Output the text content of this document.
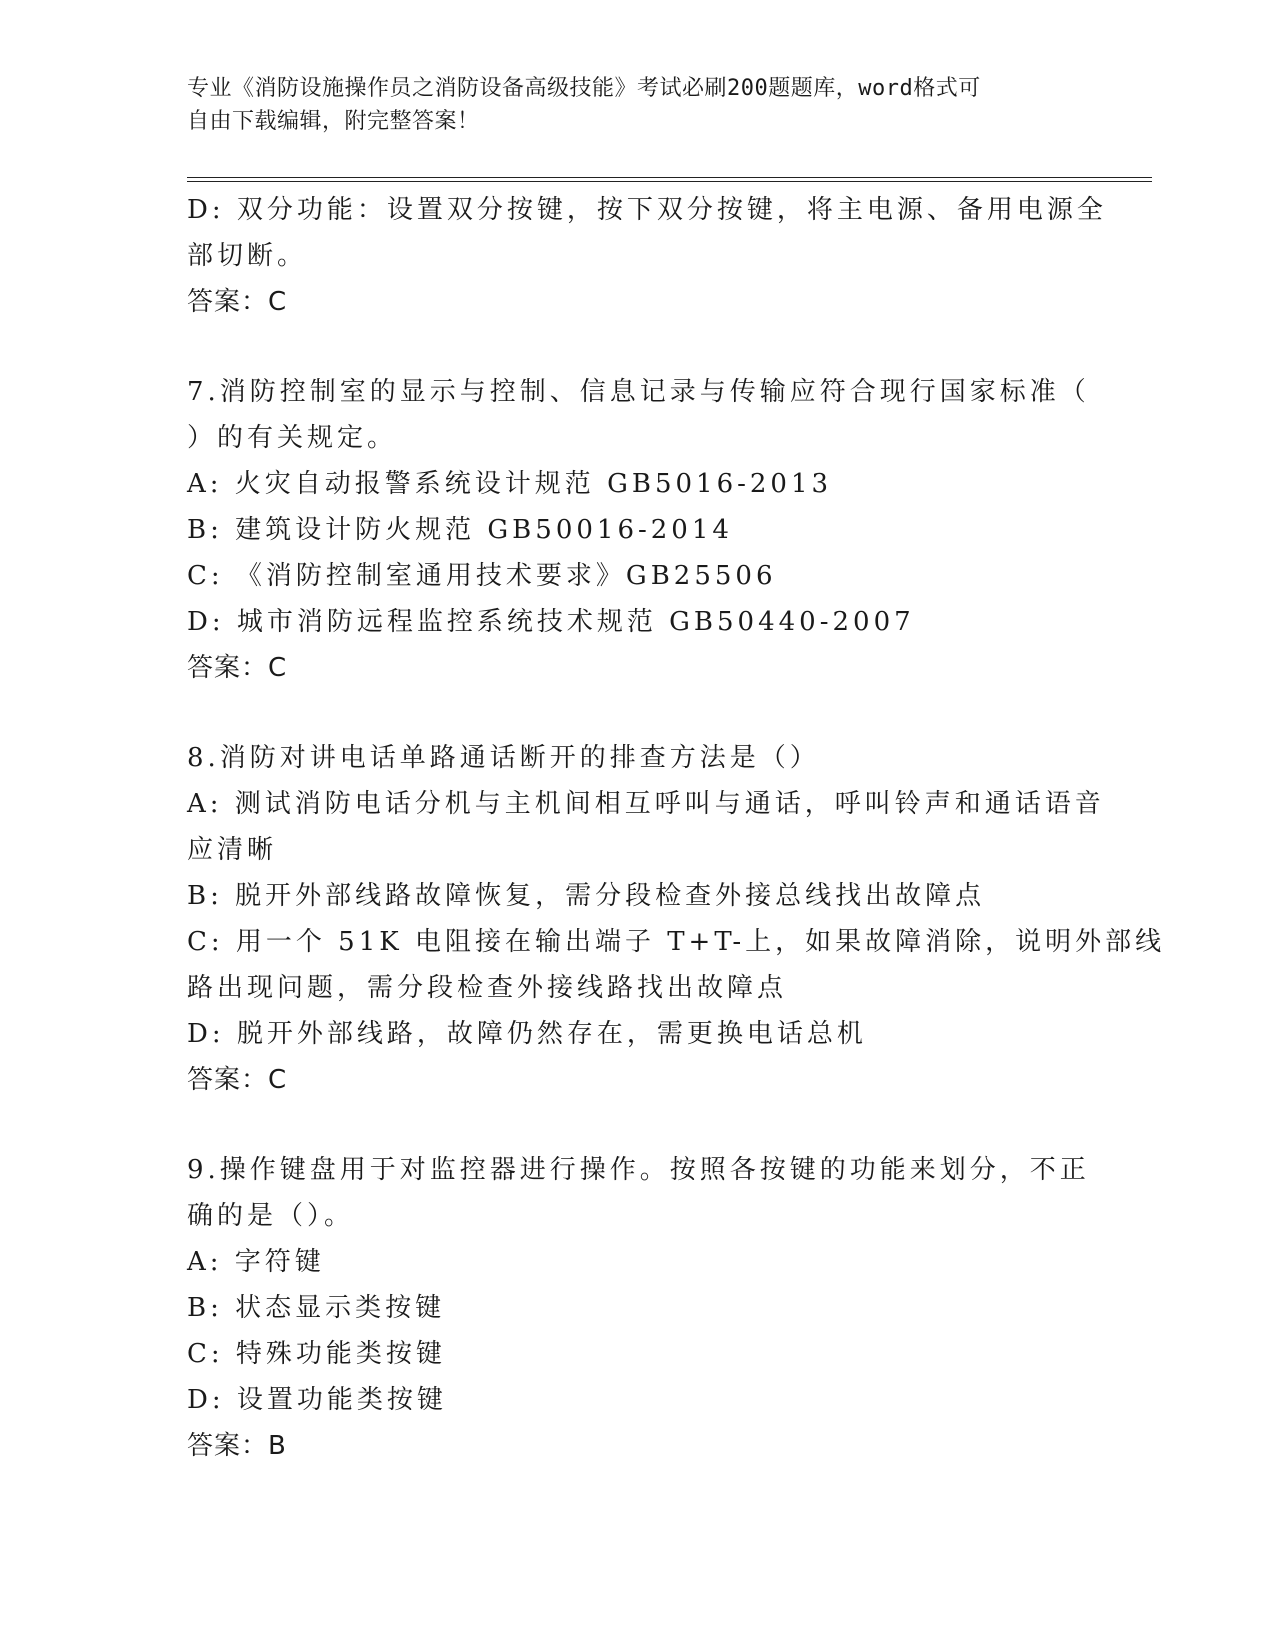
专业《消防设施操作员之消防设备高级技能》考试必刷200题题库，word格式可
自由下载编辑，附完整答案！
D: 双分功能：设置双分按键，按下双分按键，将主电源、备用电源全
部切断。
答案：C
7.消防控制室的显示与控制、信息记录与传输应符合现行国家标准（
）的有关规定。
A: 火灾自动报警系统设计规范 GB5016-2013
B: 建筑设计防火规范 GB50016-2014
C: 《消防控制室通用技术要求》GB25506
D: 城市消防远程监控系统技术规范 GB50440-2007
答案：C
8.消防对讲电话单路通话断开的排查方法是（）
A: 测试消防电话分机与主机间相互呼叫与通话，呼叫铃声和通话语音
应清晰
B: 脱开外部线路故障恢复，需分段检查外接总线找出故障点
C: 用一个 51K 电阻接在输出端子 T+T-上，如果故障消除，说明外部线
路出现问题，需分段检查外接线路找出故障点
D: 脱开外部线路，故障仍然存在，需更换电话总机
答案：C
9.操作键盘用于对监控器进行操作。按照各按键的功能来划分，不正
确的是（）。
A: 字符键
B: 状态显示类按键
C: 特殊功能类按键
D: 设置功能类按键
答案：B
